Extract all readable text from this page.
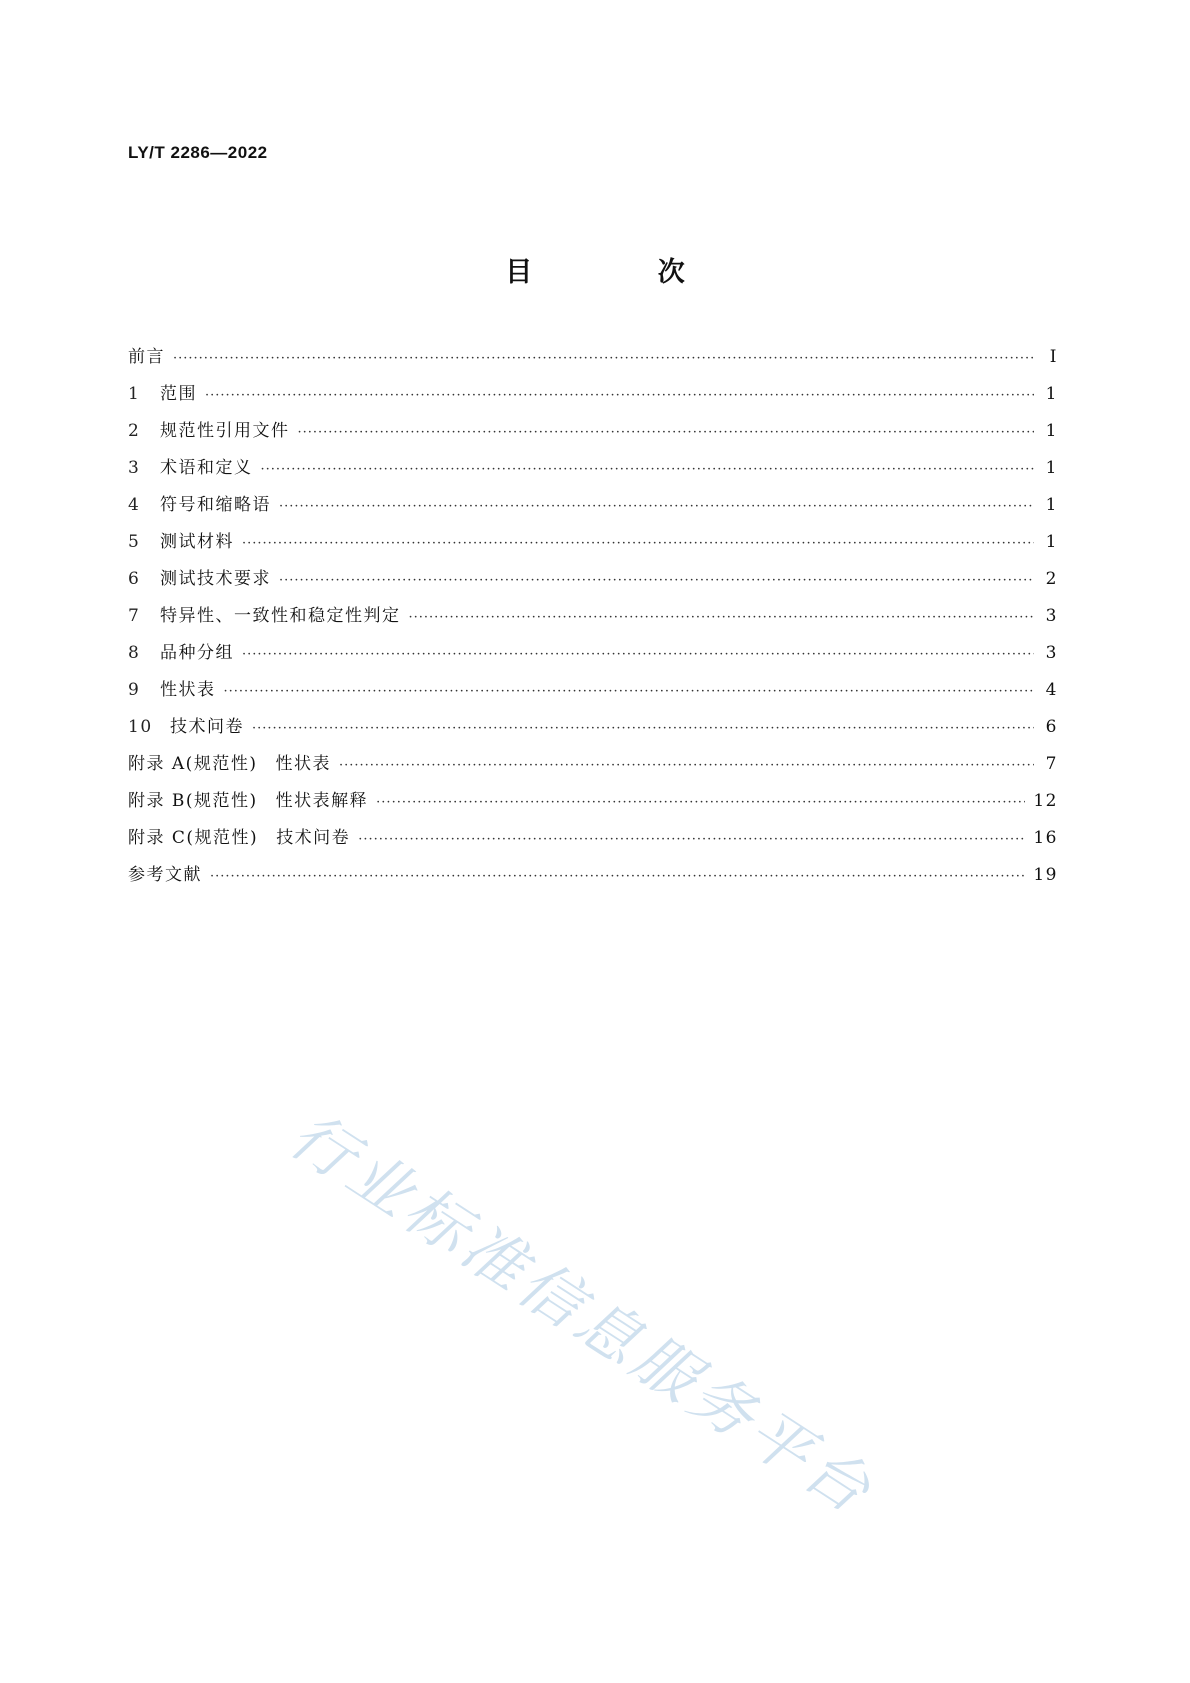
LY/T 2286—2022
目 次
前言 ·····	Ⅰ
1	范围 ·····	1
2	规范性引用文件 ·····	1
3	术语和定义 ·····	1
4	符号和缩略语 ·····	1
5	测试材料 ·····	1
6	测试技术要求 ·····	2
7	特异性、一致性和稳定性判定 ·····	3
8	品种分组 ·····	3
9	性状表 ·····	4
10	技术问卷 ·····	6
附录 A(规范性) 性状表 ·····	7
附录 B(规范性) 性状表解释 ·····	12
附录 C(规范性) 技术问卷 ·····	16
参考文献 ·····	19
行业标准信息服务平台
